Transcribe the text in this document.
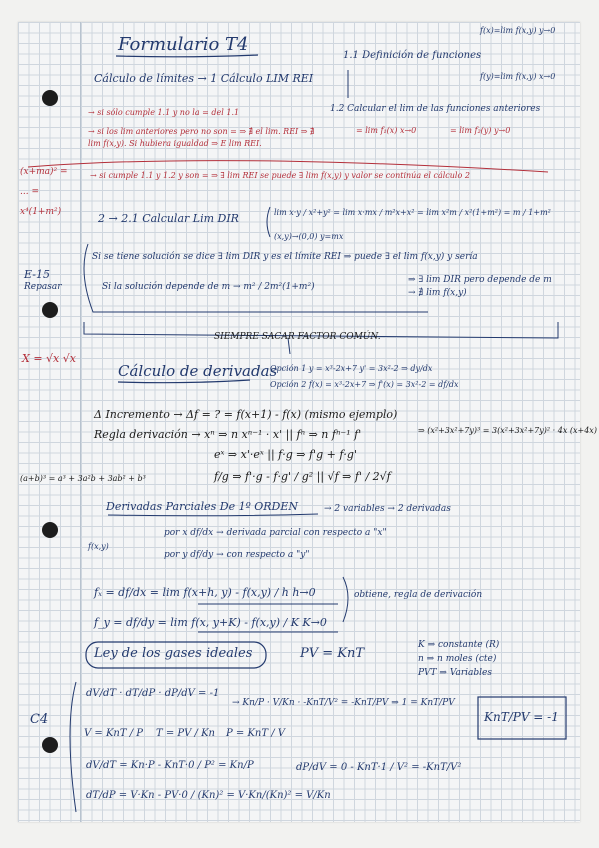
Formulario T4
f(x)=lim f(x,y) y→0
f(y)=lim f(x,y) x→0
1.1 Definición de funciones
Cálculo de límites → 1 Cálculo LIM REI
→ si sólo cumple 1.1 y no la = del 1.1	1.2 Calcular el lim de las funciones anteriores
→ si los lim anteriores pero no son = ⇒ ∄ el lim. REI ⇒ ∄ lim f(x,y). Si hubiera igualdad ⇒ E lim REI.
= lim f₁(x) x→0	= lim f₂(y) y→0
→ si cumple 1.1 y 1.2 y son = ⇒ ∃ lim REI se puede ∃ lim f(x,y) y valor se continúa el cálculo 2
(x+ma)² = ... = x⁴(1+m²)	2 → 2.1 Calcular Lim DIR	lim x·y / x²+y² = lim x·mx / m²x+x² = lim x²m / x²(1+m²) = m / 1+m²
(x,y)→(0,0) y=mx
Si se tiene solución se dice ∃ lim DIR y es el límite REI ⇒ puede ∃ el lim f(x,y) y sería
Si la solución depende de m → m² / 2m²(1+m²)
⇒ ∃ lim DIR pero depende de m → ∄ lim f(x,y)
E-15
Repasar
SIEMPRE SACAR FACTOR COMÚN.
X = √x √x
Cálculo de derivadas
Opción 1 y = x³-2x+7 y' = 3x²-2 ⇒ dy/dx
Opción 2 f(x) = x³-2x+7 ⇒ f'(x) = 3x²-2 = df/dx
Δ Incremento → Δf = ? = f(x+1) - f(x) (mismo ejemplo)
Regla derivación → xⁿ ⇒ n xⁿ⁻¹ · x' || fⁿ ⇒ n fⁿ⁻¹ f'	⇒ (x²+3x²+7y)³ = 3(x²+3x²+7y)² · 4x (x+4x)
eˣ ⇒ x'·eˣ || f·g ⇒ f'g + f·g'
(a+b)³ = a³ + 3a²b + 3ab² + b³	f/g ⇒ f'·g - f·g' / g² || √f ⇒ f' / 2√f
Derivadas Parciales De 1º ORDEN	→ 2 variables → 2 derivadas
f(x,y)
por x df/dx → derivada parcial con respecto a "x"
por y df/dy → con respecto a "y"
fₓ = df/dx = lim f(x+h, y) - f(x,y) / h h→0
f_y = df/dy = lim f(x, y+K) - f(x,y) / K K→0
obtiene, regla de derivación
Ley de los gases ideales	PV = KnT
K ⇒ constante (R)
n ⇒ n moles (cte)
PVT ⇒ Variables
C4
dV/dT · dT/dP · dP/dV = -1
→ Kn/P · V/Kn · -KnT/V² = -KnT/PV ⇒ 1 = KnT/PV
KnT/PV = -1
V = KnT / P T = PV / Kn P = KnT / V
dV/dT = Kn·P - KnT·0 / P² = Kn/P	dP/dV = 0 - KnT·1 / V² = -KnT/V²
dT/dP = V·Kn - PV·0 / (Kn)² = V·Kn/(Kn)² = V/Kn
